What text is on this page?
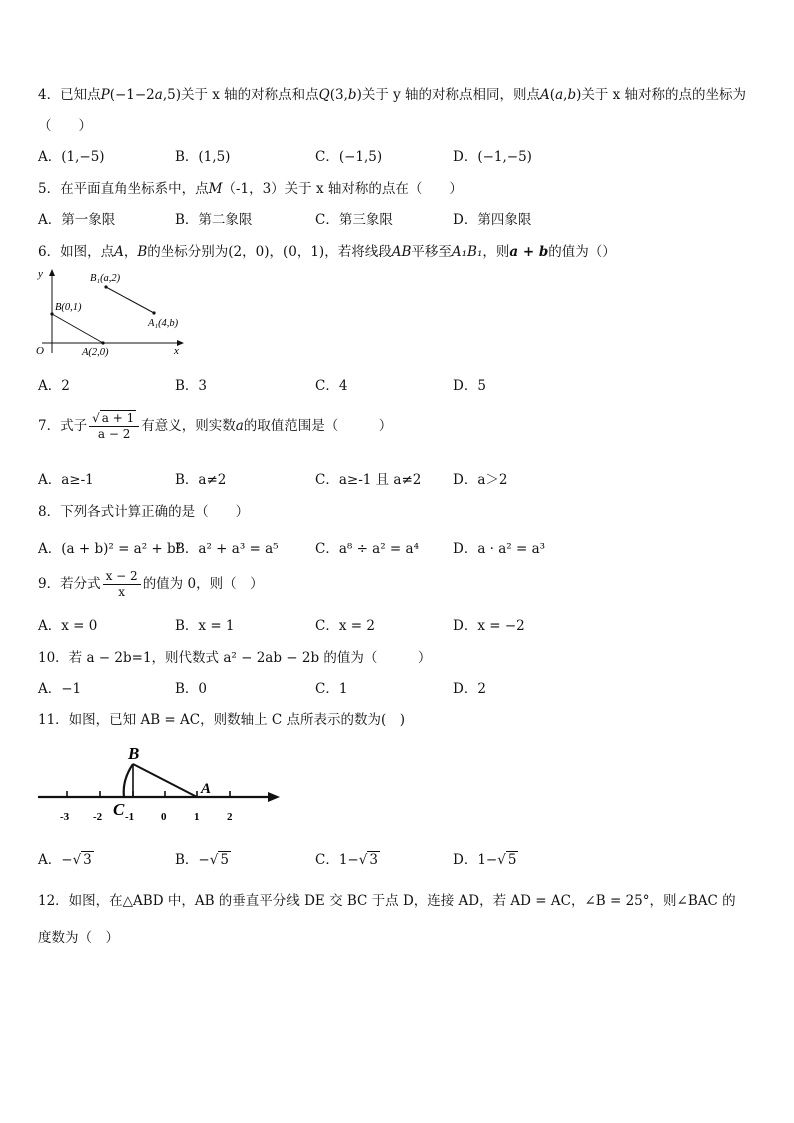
4．已知点P(−1−2a,5)关于 x 轴的对称点和点Q(3,b)关于 y 轴的对称点相同，则点A(a,b)关于 x 轴对称的点的坐标为
（　　）
A．(1,−5)	B．(1,5)	C．(−1,5)	D．(−1,−5)
5．在平面直角坐标系中，点M（-1，3）关于 x 轴对称的点在（　　）
A．第一象限	B．第二象限	C．第三象限	D．第四象限
6．如图，点A，B的坐标分别为(2，0)，(0，1)，若将线段AB平移至A₁B₁，则a + b的值为（）
y
x
O
B(0,1)
A(2,0)
B₁(a,2)
A₁(4,b)
A．2	B．3	C．4	D．5
7．式子 $\frac{√ a + 1}{a - 2}$ 有意义，则实数a的取值范围是（　　　）
A．a≥-1	B．a≠2	C．a≥-1 且 a≠2 D．a＞2
8．下列各式计算正确的是（　　）
A．(a + b)² = a² + b²
B．a² + a³ = a⁵	C．a⁸ ÷ a² = a⁴	D．a · a² = a³
9．若分式 $\frac{x - 2}{x}$ 的值为 0，则（　）
A．x = 0	B．x = 1	C．x = 2	D．x = −2
10．若 a − 2b=1，则代数式 a² − 2ab − 2b 的值为（　　　）
A．−1	B．0	C．1	D．2
11．如图，已知 AB = AC，则数轴上 C 点所表示的数为(　)
B
A
C
-3 -2 -1 0	1	2
A．−√ 3	B．−√ 5	C．1−√ 3	D．1−√ 5
12．如图，在△ABD 中，AB 的垂直平分线 DE 交 BC 于点 D，连接 AD，若 AD = AC，∠B = 25°，则∠BAC 的
度数为（　）
